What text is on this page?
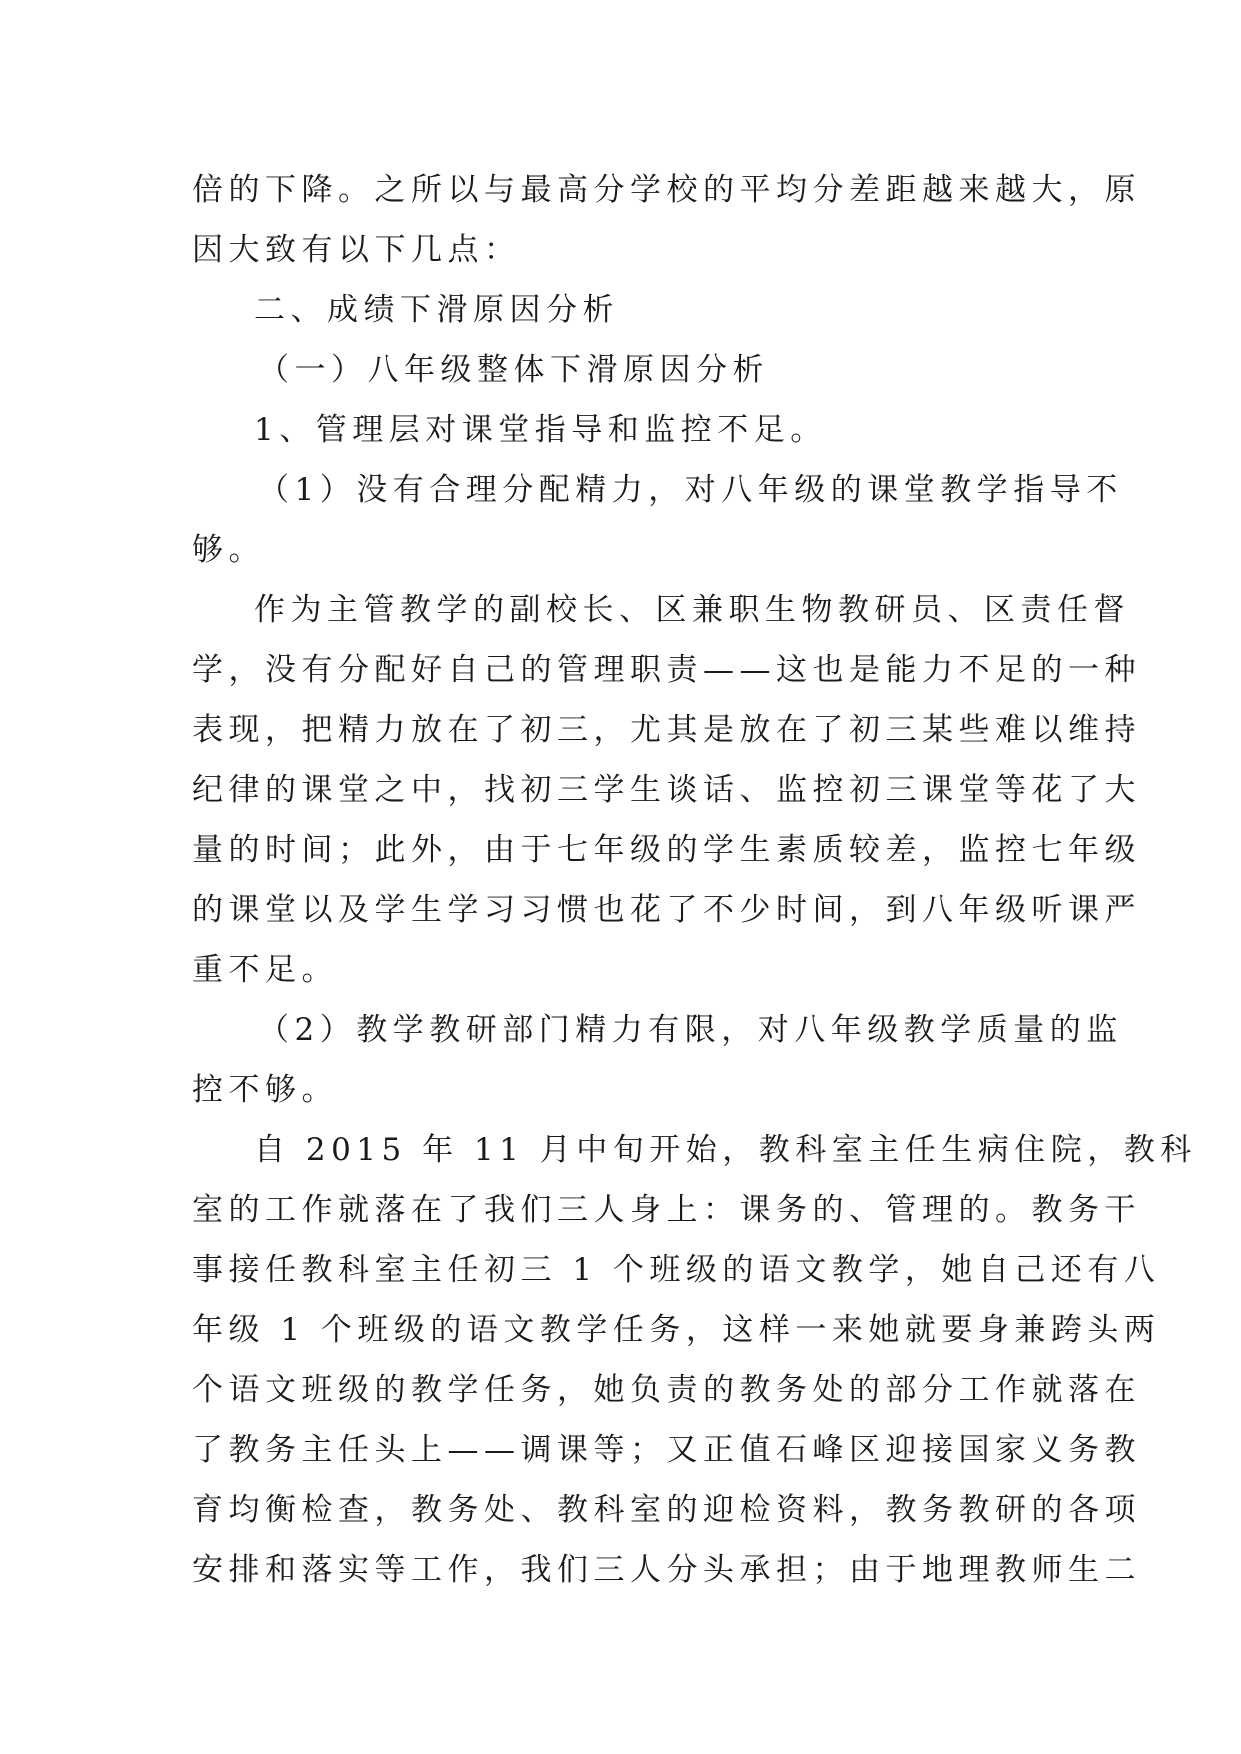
倍的下降。之所以与最高分学校的平均分差距越来越大，原
因大致有以下几点：
二、成绩下滑原因分析
（一）八年级整体下滑原因分析
1、管理层对课堂指导和监控不足。
（1）没有合理分配精力，对八年级的课堂教学指导不
够。
作为主管教学的副校长、区兼职生物教研员、区责任督
学，没有分配好自己的管理职责——这也是能力不足的一种
表现，把精力放在了初三，尤其是放在了初三某些难以维持
纪律的课堂之中，找初三学生谈话、监控初三课堂等花了大
量的时间；此外，由于七年级的学生素质较差，监控七年级
的课堂以及学生学习习惯也花了不少时间，到八年级听课严
重不足。
（2）教学教研部门精力有限，对八年级教学质量的监
控不够。
自 2015 年 11 月中旬开始，教科室主任生病住院，教科
室的工作就落在了我们三人身上：课务的、管理的。教务干
事接任教科室主任初三 1 个班级的语文教学，她自己还有八
年级 1 个班级的语文教学任务，这样一来她就要身兼跨头两
个语文班级的教学任务，她负责的教务处的部分工作就落在
了教务主任头上——调课等；又正值石峰区迎接国家义务教
育均衡检查，教务处、教科室的迎检资料，教务教研的各项
安排和落实等工作，我们三人分头承担；由于地理教师生二
